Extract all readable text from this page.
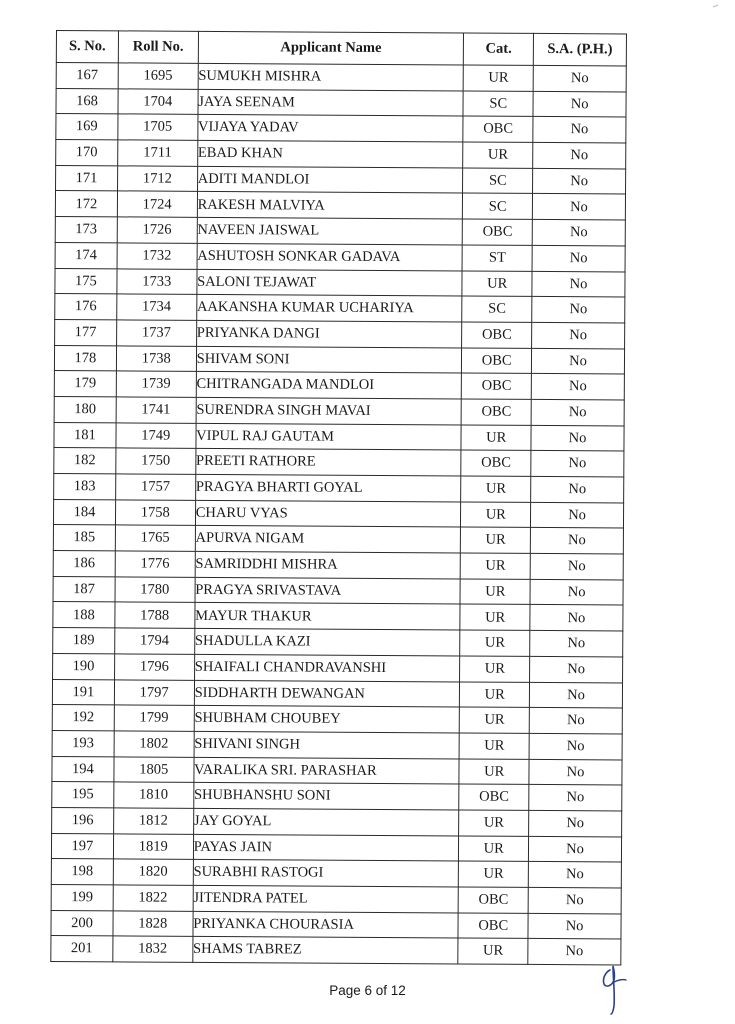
S. No.	Roll No.	Applicant Name	Cat.	S.A. (P.H.)
167	1695	SUMUKH MISHRA	UR	No
168	1704	JAYA SEENAM	SC	No
169	1705	VIJAYA YADAV	OBC	No
170	1711	EBAD KHAN	UR	No
171	1712	ADITI MANDLOI	SC	No
172	1724	RAKESH MALVIYA	SC	No
173	1726	NAVEEN JAISWAL	OBC	No
174	1732	ASHUTOSH SONKAR GADAVA	ST	No
175	1733	SALONI TEJAWAT	UR	No
176	1734	AAKANSHA KUMAR UCHARIYA	SC	No
177	1737	PRIYANKA DANGI	OBC	No
178	1738	SHIVAM SONI	OBC	No
179	1739	CHITRANGADA MANDLOI	OBC	No
180	1741	SURENDRA SINGH MAVAI	OBC	No
181	1749	VIPUL RAJ GAUTAM	UR	No
182	1750	PREETI RATHORE	OBC	No
183	1757	PRAGYA BHARTI GOYAL	UR	No
184	1758	CHARU VYAS	UR	No
185	1765	APURVA NIGAM	UR	No
186	1776	SAMRIDDHI MISHRA	UR	No
187	1780	PRAGYA SRIVASTAVA	UR	No
188	1788	MAYUR THAKUR	UR	No
189	1794	SHADULLA KAZI	UR	No
190	1796	SHAIFALI CHANDRAVANSHI	UR	No
191	1797	SIDDHARTH DEWANGAN	UR	No
192	1799	SHUBHAM CHOUBEY	UR	No
193	1802	SHIVANI SINGH	UR	No
194	1805	VARALIKA SRI. PARASHAR	UR	No
195	1810	SHUBHANSHU SONI	OBC	No
196	1812	JAY GOYAL	UR	No
197	1819	PAYAS JAIN	UR	No
198	1820	SURABHI RASTOGI	UR	No
199	1822	JITENDRA PATEL	OBC	No
200	1828	PRIYANKA CHOURASIA	OBC	No
201	1832	SHAMS TABREZ	UR	No
Page 6 of 12
